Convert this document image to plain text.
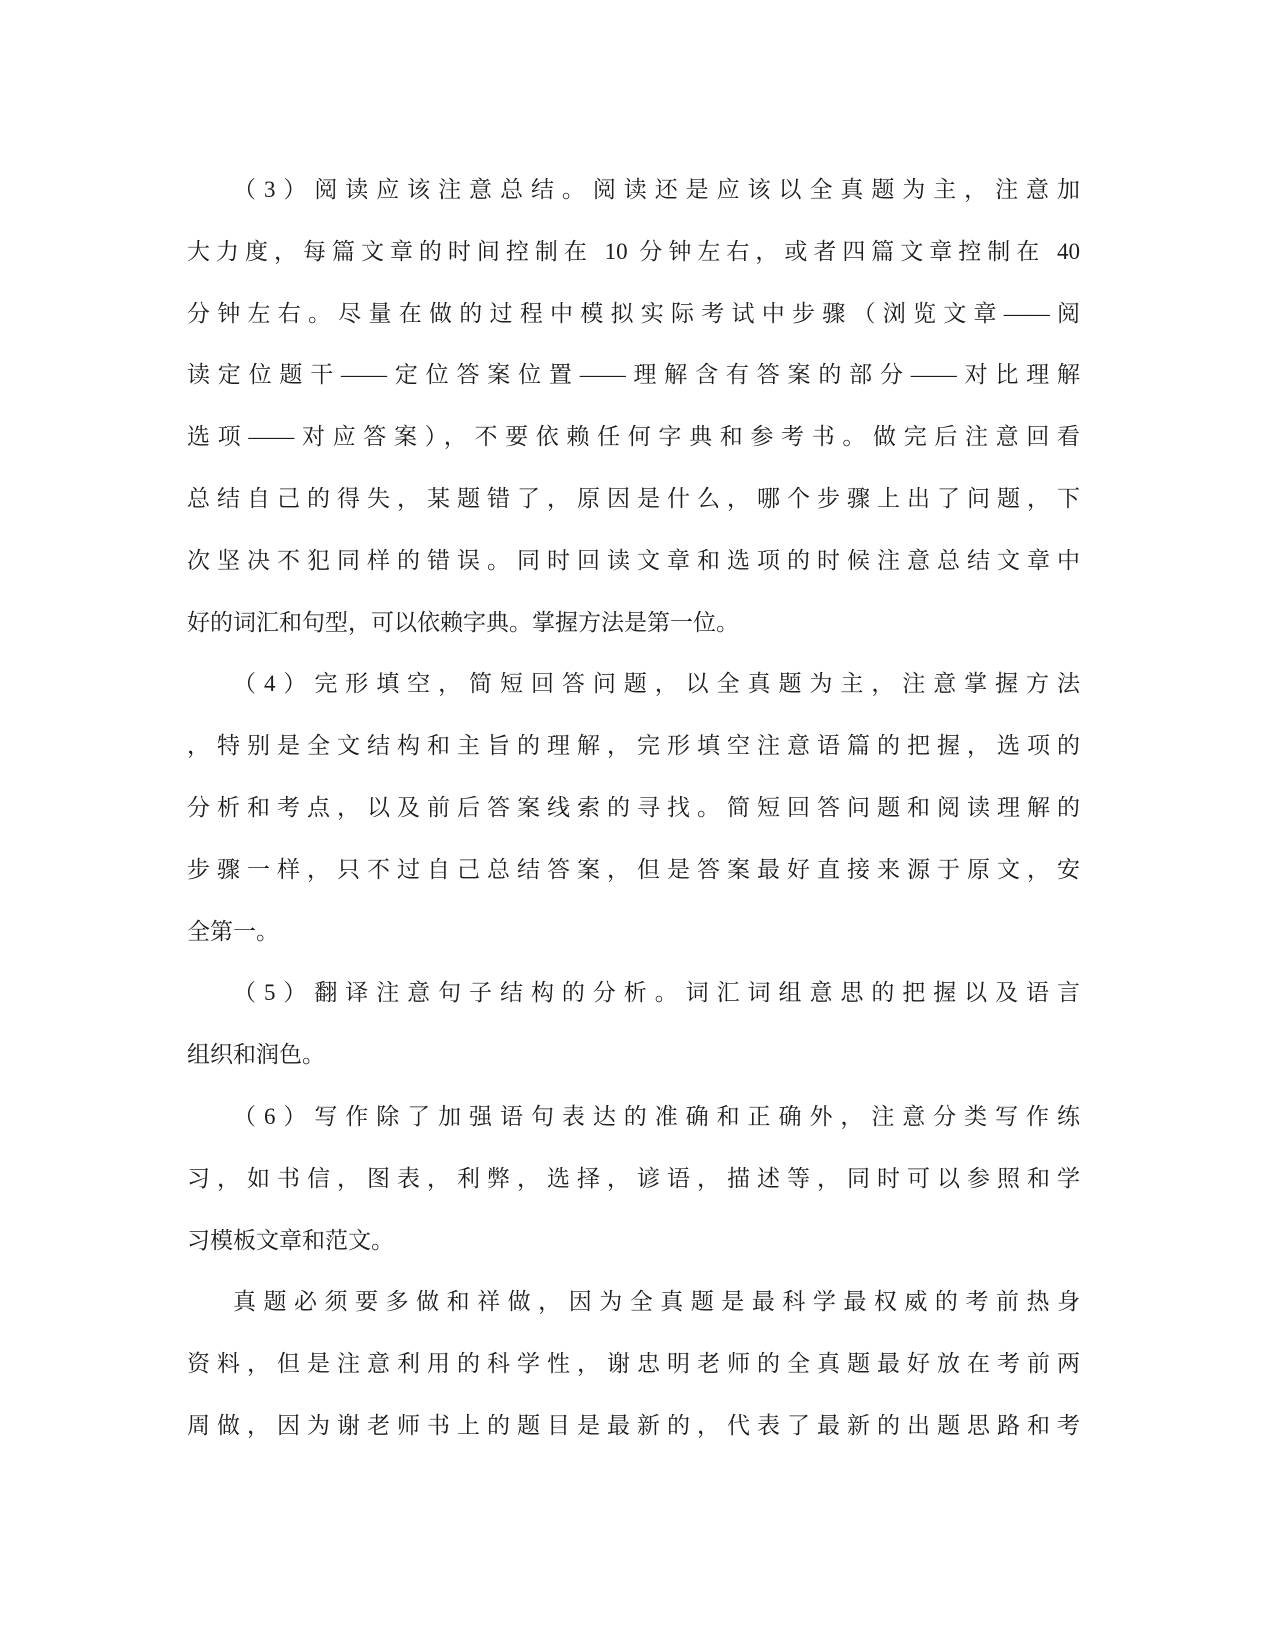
（3）阅读应该注意总结。阅读还是应该以全真题为主，注意加
大力度，每篇文章的时间控制在 10 分钟左右，或者四篇文章控制在 40
分钟左右。尽量在做的过程中模拟实际考试中步骤（浏览文章——阅
读定位题干——定位答案位置——理解含有答案的部分——对比理解
选项——对应答案），不要依赖任何字典和参考书。做完后注意回看
总结自己的得失，某题错了，原因是什么，哪个步骤上出了问题，下
次坚决不犯同样的错误。同时回读文章和选项的时候注意总结文章中
好的词汇和句型，可以依赖字典。掌握方法是第一位。
（4）完形填空，简短回答问题，以全真题为主，注意掌握方法
，特别是全文结构和主旨的理解，完形填空注意语篇的把握，选项的
分析和考点，以及前后答案线索的寻找。简短回答问题和阅读理解的
步骤一样，只不过自己总结答案，但是答案最好直接来源于原文，安
全第一。
（5）翻译注意句子结构的分析。词汇词组意思的把握以及语言
组织和润色。
（6）写作除了加强语句表达的准确和正确外，注意分类写作练
习，如书信，图表，利弊，选择，谚语，描述等，同时可以参照和学
习模板文章和范文。
真题必须要多做和祥做，因为全真题是最科学最权威的考前热身
资料，但是注意利用的科学性，谢忠明老师的全真题最好放在考前两
周做，因为谢老师书上的题目是最新的，代表了最新的出题思路和考
